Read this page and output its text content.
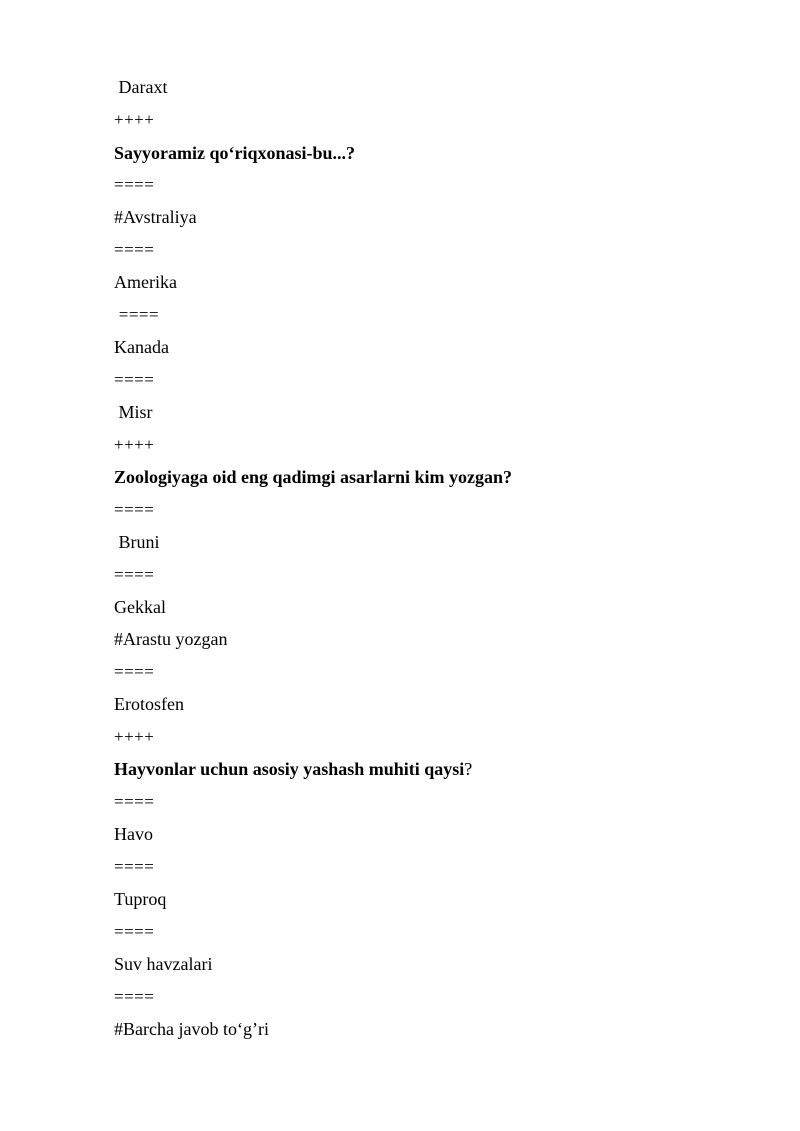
Daraxt
++++
Sayyoramiz qo‘riqxonasi-bu...?
====
#Avstraliya
====
Amerika
====
Kanada
====
Misr
++++
Zoologiyaga oid eng qadimgi asarlarni kim yozgan?
====
Bruni
====
Gekkal
#Arastu yozgan
====
Erotosfen
++++
Hayvonlar uchun asosiy yashash muhiti qaysi?
====
Havo
====
Tuproq
====
Suv havzalari
====
#Barcha javob to‘g’ri
